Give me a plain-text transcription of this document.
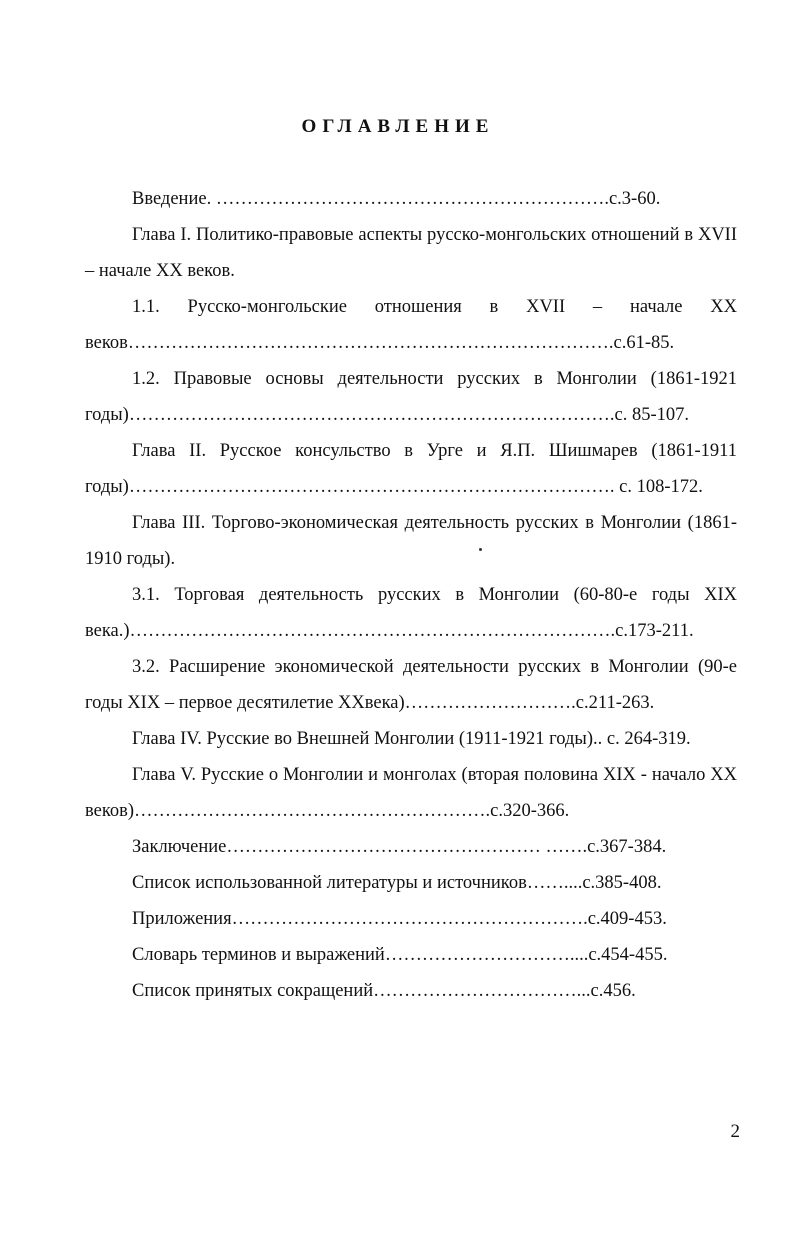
ОГЛАВЛЕНИЕ

Введение. ……………………………………………………….с.3-60.

Глава I. Политико-правовые аспекты русско-монгольских отношений в XVII – начале XX веков.

1.1. Русско-монгольские отношения в XVII – начале XX веков…………………………………………………………………….с.61-85.

1.2. Правовые основы деятельности русских в Монголии (1861-1921 годы)…………………………………………………………………….с. 85-107.

Глава II. Русское консульство в Урге и Я.П. Шишмарев (1861-1911 годы)……………………………………………………………………. с. 108-172.

Глава III. Торгово-экономическая деятельность русских в Монголии (1861-1910 годы).

3.1. Торговая деятельность русских в Монголии (60-80-е годы XIX века.)…………………………………………………………………….с.173-211.

3.2. Расширение экономической деятельности русских в Монголии (90-е годы XIX – первое десятилетие XXвека)……………………….с.211-263.

Глава IV. Русские во Внешней Монголии (1911-1921 годы).. с. 264-319.

Глава V. Русские о Монголии и монголах (вторая половина XIX - начало XX веков)………………………………………………….с.320-366.

Заключение…………………………………………… …….с.367-384.

Список использованной литературы и источников……....с.385-408.

Приложения………………………………………………….с.409-453.

Словарь терминов и выражений…………………………....с.454-455.

Список принятых сокращений……………………………...с.456.

2
